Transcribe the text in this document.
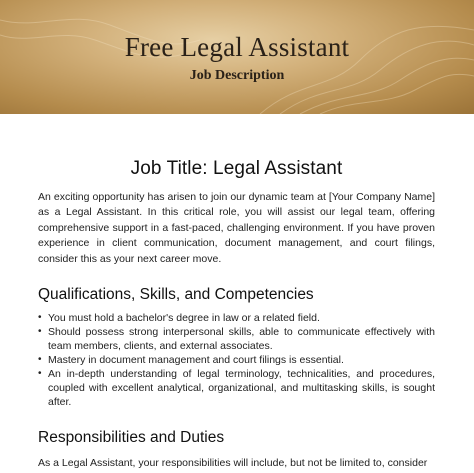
Free Legal Assistant
Job Description
Job Title: Legal Assistant

An exciting opportunity has arisen to join our dynamic team at [Your Company Name] as a Legal Assistant. In this critical role, you will assist our legal team, offering comprehensive support in a fast-paced, challenging environment. If you have proven experience in client communication, document management, and court filings, consider this as your next career move.

Qualifications, Skills, and Competencies
• You must hold a bachelor's degree in law or a related field.
• Should possess strong interpersonal skills, able to communicate effectively with team members, clients, and external associates.
• Mastery in document management and court filings is essential.
• An in-depth understanding of legal terminology, technicalities, and procedures, coupled with excellent analytical, organizational, and multitasking skills, is sought after.
Responsibilities and Duties

As a Legal Assistant, your responsibilities will include, but not be limited to, consider
